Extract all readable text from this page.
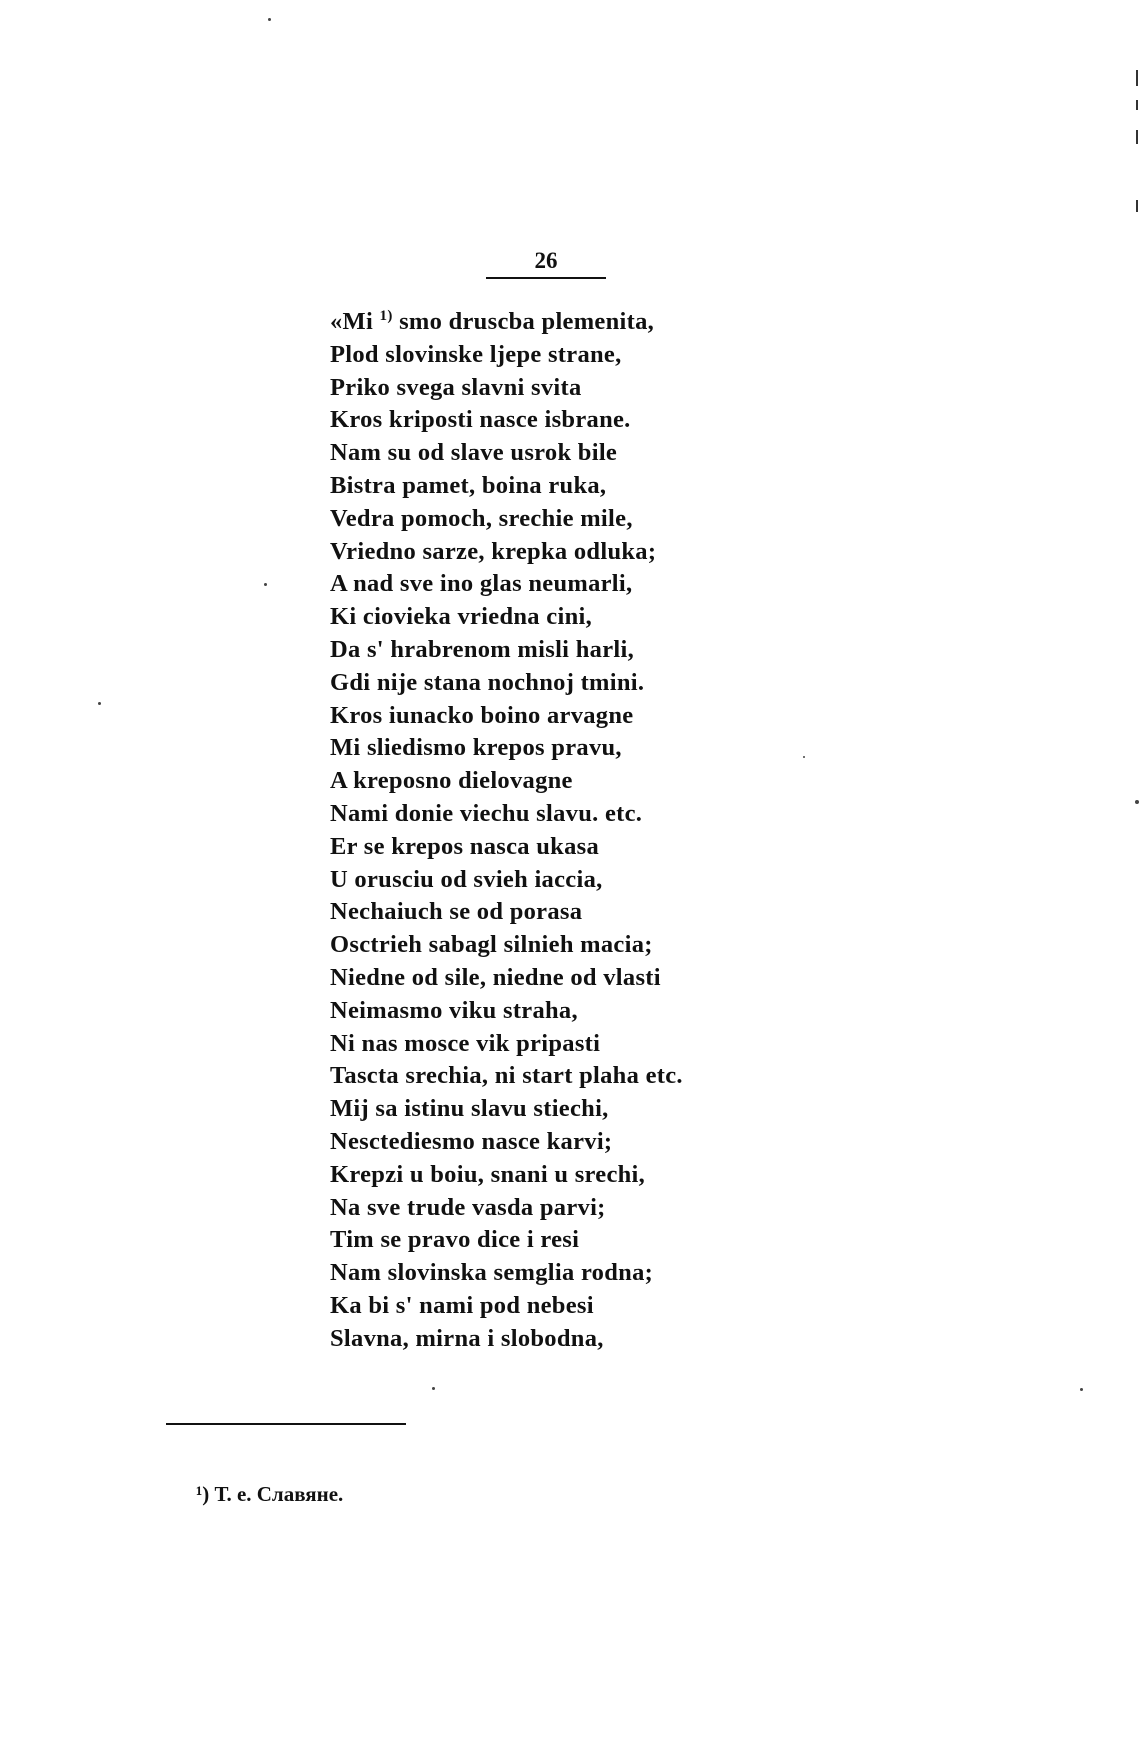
26
«Mi $^{1)}$ smo druscba plemenita,
Plod slovinske ljepe strane,
Priko svega slavni svita
Kros kriposti nasce isbrane.
Nam su od slave usrok bile
Bistra pamet, boina ruka,
Vedra pomoch, srechie mile,
Vriedno sarze, krepka odluka;
A nad sve ino glas neumarli,
Ki ciovieka vriedna cini,
Da s' hrabrenom misli harli,
Gdi nije stana nochnoj tmini.
Kros iunacko boino arvagne
Mi sliedismo krepos pravu,
A kreposno dielovagne
Nami donie viechu slavu. etc.
Er se krepos nasca ukasa
U orusciu od svieh iaccia,
Nechaiuch se od porasa
Osctrieh sabagl silnieh macia;
Niedne od sile, niedne od vlasti
Neimasmo viku straha,
Ni nas mosce vik pripasti
Tascta srechia, ni start plaha etc.
Mij sa istinu slavu stiechi,
Nesctediesmo nasce karvi;
Krepzi u boiu, snani u srechi,
Na sve trude vasda parvi;
Tim se pravo dice i resi
Nam slovinska semglia rodna;
Ka bi s' nami pod nebesi
Slavna, mirna i slobodna,
¹) Т. е. Славяне.
